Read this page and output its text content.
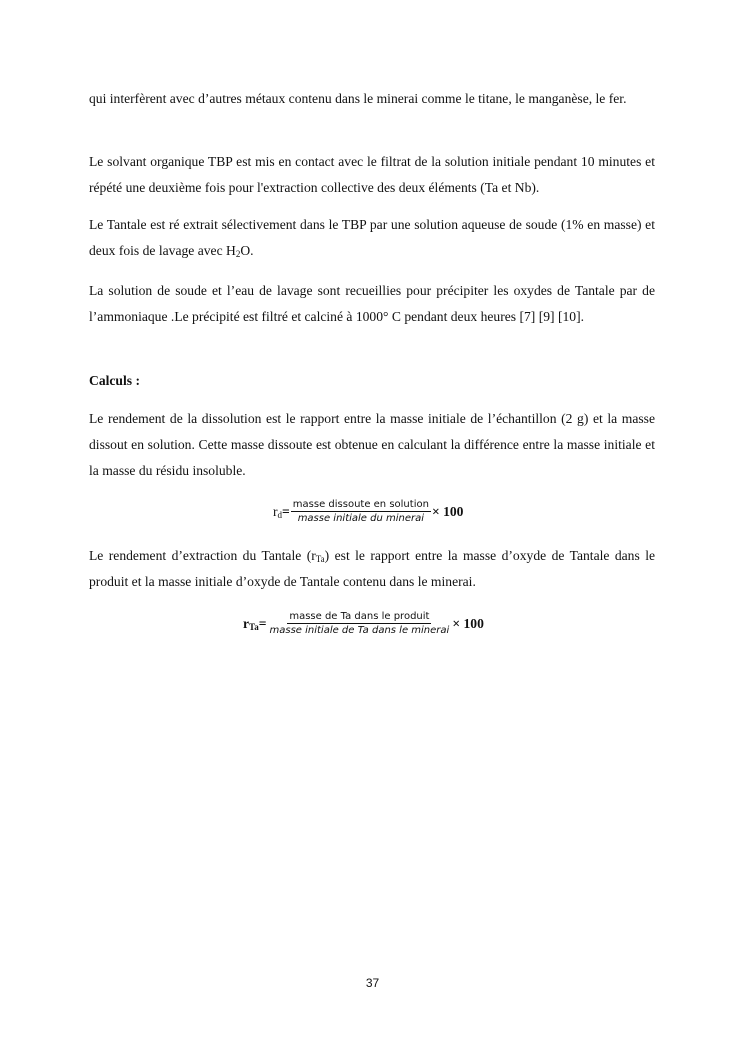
qui interfèrent avec d’autres métaux contenu dans le minerai comme le titane, le manganèse, le fer.

Le solvant organique TBP est mis en contact avec le filtrat de la solution initiale pendant 10 minutes et répété une deuxième fois pour l'extraction collective des deux éléments (Ta et Nb).

Le Tantale est ré extrait sélectivement dans le TBP par une solution aqueuse de soude (1% en masse) et deux fois de lavage avec $H_2O$.

La solution de soude et l’eau de lavage sont recueillies pour précipiter les oxydes de Tantale par de l’ammoniaque .Le précipité est filtré et calciné à 1000° C pendant deux heures [7] [9] [10].

Calculs :

Le rendement de la dissolution est le rapport entre la masse initiale de l’échantillon (2 g) et la masse dissout en solution. Cette masse dissoute est obtenue en calculant la différence entre la masse initiale et la masse du résidu insoluble.

$r_d = \frac{\text{masse dissoute en solution}}{\text{masse initiale du minerai}} \times 100$

Le rendement d’extraction du Tantale $(r_{Ta})$ est le rapport entre la masse d’oxyde de Tantale dans le produit et la masse initiale d’oxyde de Tantale contenu dans le minerai.

$r_{Ta} = \frac{\text{masse de Ta dans le produit}}{\text{masse initiale de Ta dans le minerai}} \times 100$
37
